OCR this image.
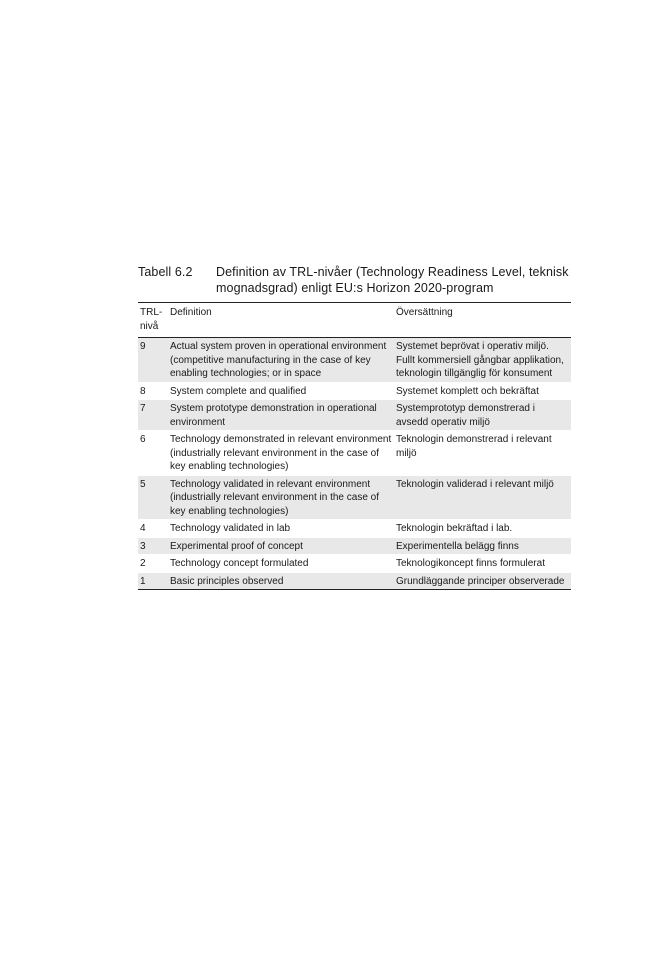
Tabell 6.2	Definition av TRL-nivåer (Technology Readiness Level, teknisk mognadsgrad) enligt EU:s Horizon 2020-program
TRL-nivå	Definition	Översättning
9	Actual system proven in operational environment (competitive manufacturing in the case of key enabling technologies; or in space	Systemet beprövat i operativ miljö. Fullt kommersiell gångbar applikation, teknologin tillgänglig för konsument
8	System complete and qualified	Systemet komplett och bekräftat
7	System prototype demonstration in operational environment	Systemprototyp demonstrerad i avsedd operativ miljö
6	Technology demonstrated in relevant environment (industrially relevant environment in the case of key enabling technologies)	Teknologin demonstrerad i relevant miljö
5	Technology validated in relevant environment (industrially relevant environment in the case of key enabling technologies)	Teknologin validerad i relevant miljö
4	Technology validated in lab	Teknologin bekräftad i lab.
3	Experimental proof of concept	Experimentella belägg finns
2	Technology concept formulated	Teknologikoncept finns formulerat
1	Basic principles observed	Grundläggande principer observerade
